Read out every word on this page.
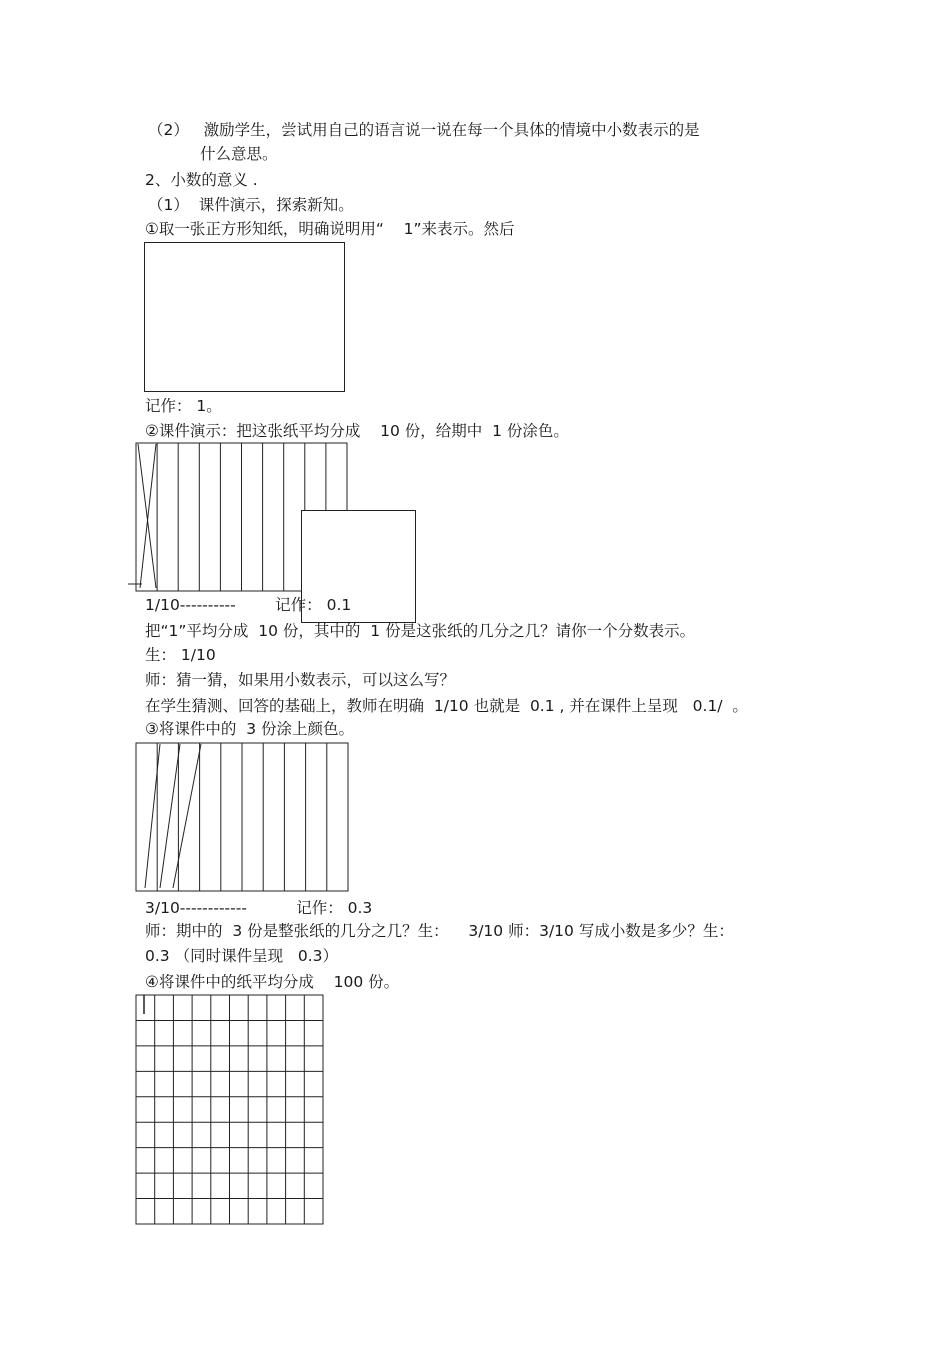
（2）   激励学生，尝试用自己的语言说一说在每一个具体的情境中小数表示的是
什么意思。
2、小数的意义 .
（1）  课件演示，探索新知。
①取一张正方形知纸，明确说明用“    1”来表示。然后
记作： 1。
②课件演示：把这张纸平均分成    10 份，给期中  1 份涂色。
1/10----------        记作： 0.1
把“1”平均分成  10 份，其中的  1 份是这张纸的几分之几？请你一个分数表示。
生： 1/10
师：猜一猜，如果用小数表示，可以这么写？
在学生猜测、回答的基础上，教师在明确  1/10 也就是  0.1 , 并在课件上呈现   0.1/  。
③将课件中的  3 份涂上颜色。
3/10------------          记作： 0.3
师：期中的  3 份是整张纸的几分之几？生：    3/10 师：3/10 写成小数是多少？生：
0.3 （同时课件呈现   0.3）
④将课件中的纸平均分成    100 份。
